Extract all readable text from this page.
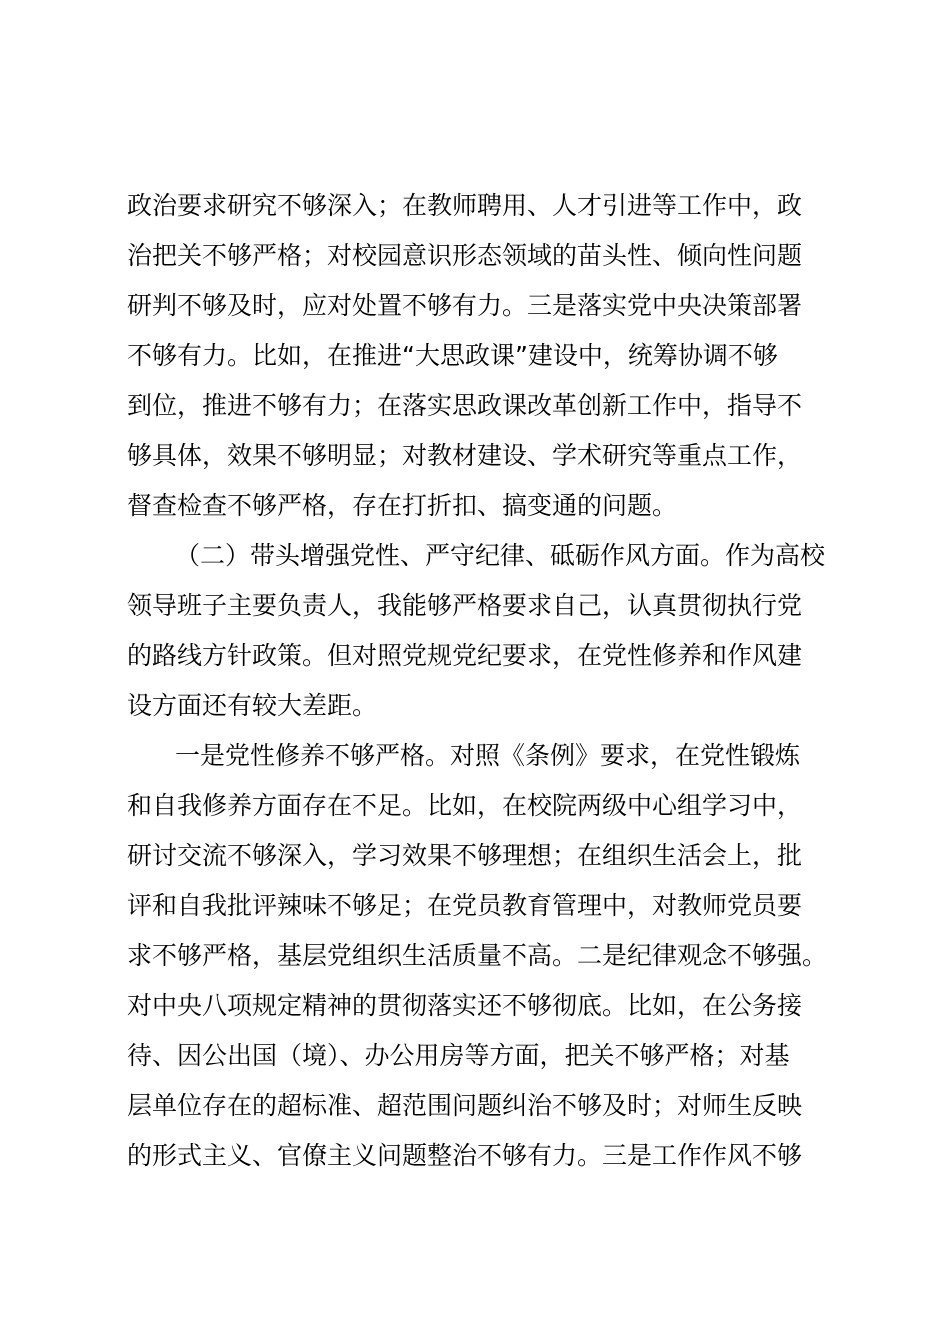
政治要求研究不够深入；在教师聘用、人才引进等工作中，政
治把关不够严格；对校园意识形态领域的苗头性、倾向性问题
研判不够及时，应对处置不够有力。三是落实党中央决策部署
不够有力。比如，在推进“大思政课”建设中，统筹协调不够
到位，推进不够有力；在落实思政课改革创新工作中，指导不
够具体，效果不够明显；对教材建设、学术研究等重点工作，
督查检查不够严格，存在打折扣、搞变通的问题。
（二）带头增强党性、严守纪律、砥砺作风方面。作为高校
领导班子主要负责人，我能够严格要求自己，认真贯彻执行党
的路线方针政策。但对照党规党纪要求，在党性修养和作风建
设方面还有较大差距。
一是党性修养不够严格。对照《条例》要求，在党性锻炼
和自我修养方面存在不足。比如，在校院两级中心组学习中，
研讨交流不够深入，学习效果不够理想；在组织生活会上，批
评和自我批评辣味不够足；在党员教育管理中，对教师党员要
求不够严格，基层党组织生活质量不高。二是纪律观念不够强。
对中央八项规定精神的贯彻落实还不够彻底。比如，在公务接
待、因公出国（境）、办公用房等方面，把关不够严格；对基
层单位存在的超标准、超范围问题纠治不够及时；对师生反映
的形式主义、官僚主义问题整治不够有力。三是工作作风不够
